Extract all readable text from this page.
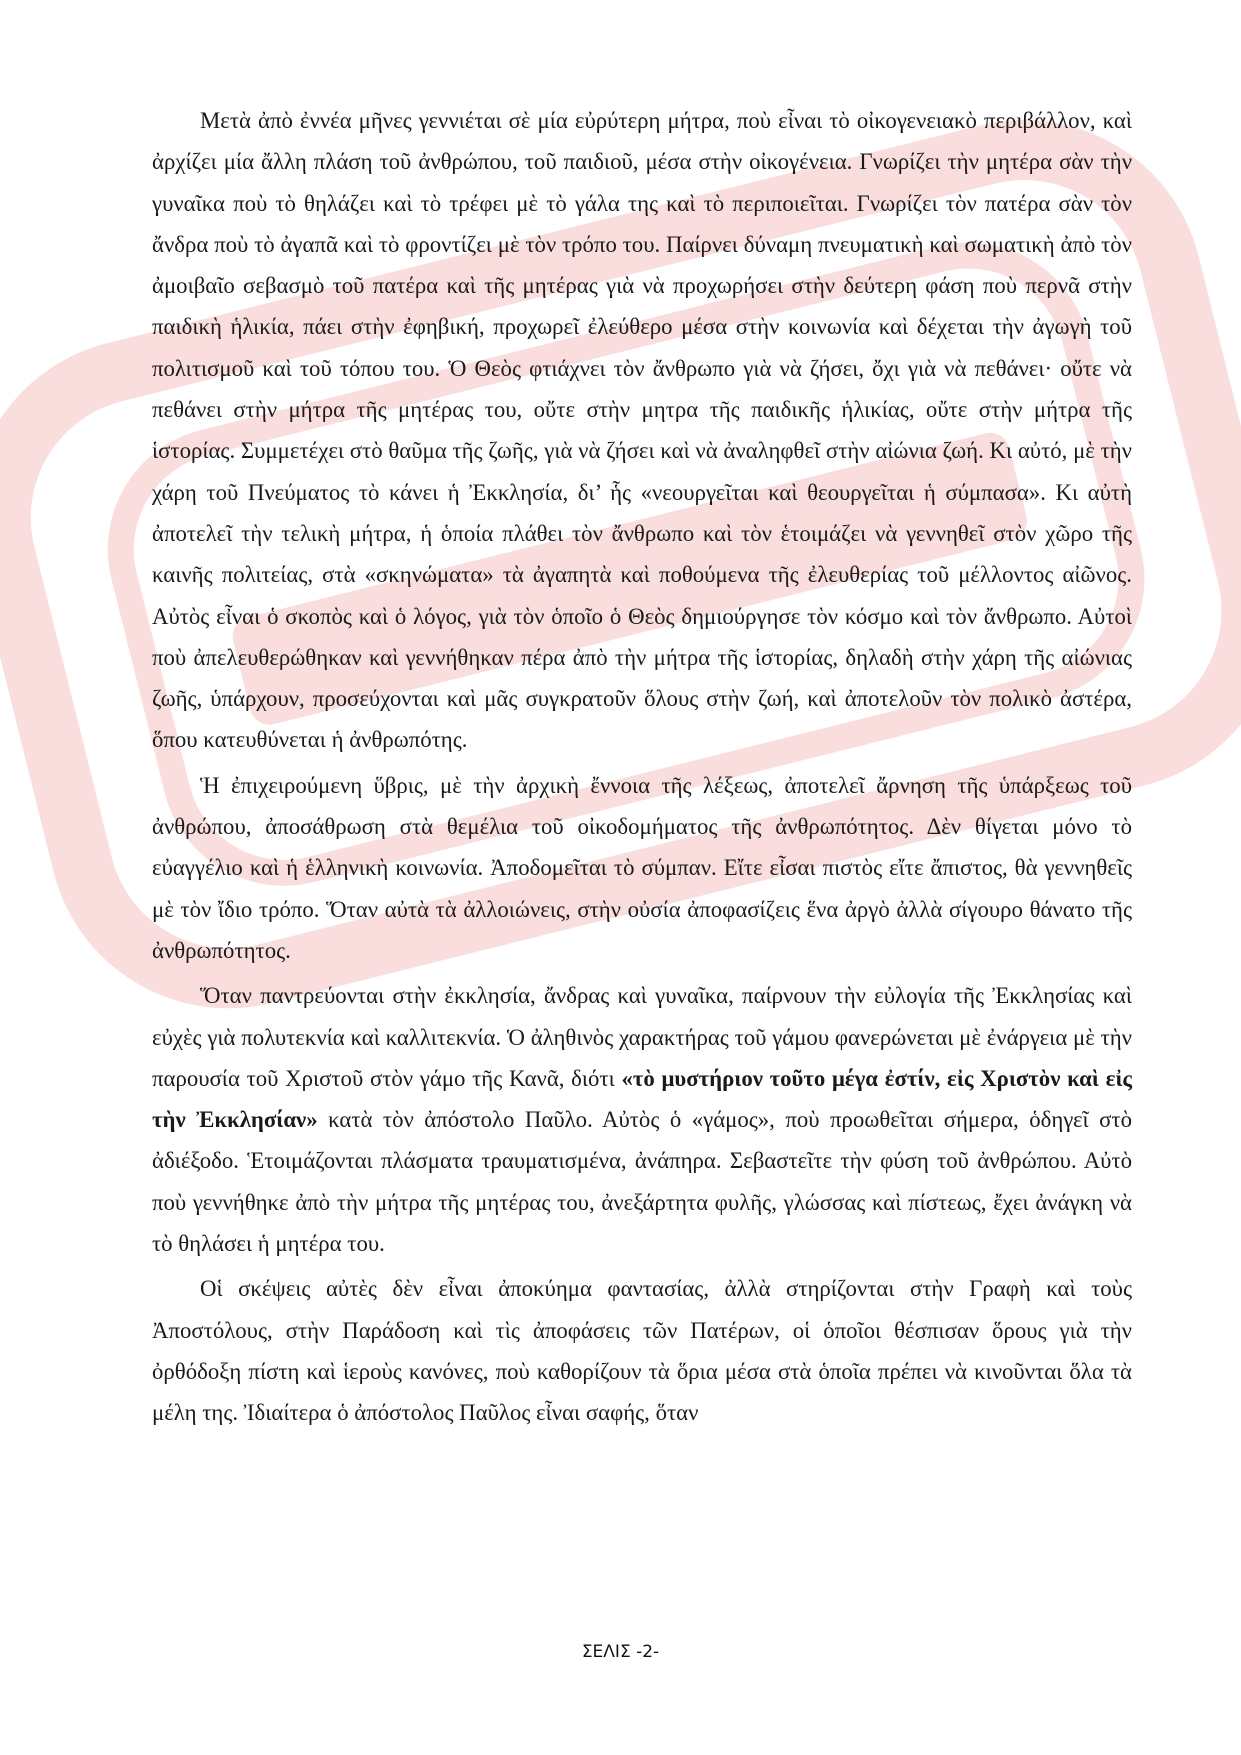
Μετὰ ἀπὸ ἐννέα μῆνες γεννιέται σὲ μία εὐρύτερη μήτρα, ποὺ εἶναι τὸ οἰκογενειακὸ περιβάλλον, καὶ ἀρχίζει μία ἄλλη πλάση τοῦ ἀνθρώπου, τοῦ παιδιοῦ, μέσα στὴν οἰκογένεια. Γνωρίζει τὴν μητέρα σὰν τὴν γυναῖκα ποὺ τὸ θηλάζει καὶ τὸ τρέφει μὲ τὸ γάλα της καὶ τὸ περιποιεῖται. Γνωρίζει τὸν πατέρα σὰν τὸν ἄνδρα ποὺ τὸ ἀγαπᾶ καὶ τὸ φροντίζει μὲ τὸν τρόπο του. Παίρνει δύναμη πνευματικὴ καὶ σωματικὴ ἀπὸ τὸν ἀμοιβαῖο σεβασμὸ τοῦ πατέρα καὶ τῆς μητέρας γιὰ νὰ προχωρήσει στὴν δεύτερη φάση ποὺ περνᾶ στὴν παιδικὴ ἡλικία, πάει στὴν ἐφηβική, προχωρεῖ ἐλεύθερο μέσα στὴν κοινωνία καὶ δέχεται τὴν ἀγωγὴ τοῦ πολιτισμοῦ καὶ τοῦ τόπου του. Ὁ Θεὸς φτιάχνει τὸν ἄνθρωπο γιὰ νὰ ζήσει, ὄχι γιὰ νὰ πεθάνει· οὔτε νὰ πεθάνει στὴν μήτρα τῆς μητέρας του, οὔτε στὴν μητρα τῆς παιδικῆς ἡλικίας, οὔτε στὴν μήτρα τῆς ἱστορίας. Συμμετέχει στὸ θαῦμα τῆς ζωῆς, γιὰ νὰ ζήσει καὶ νὰ ἀναληφθεῖ στὴν αἰώνια ζωή. Κι αὐτό, μὲ τὴν χάρη τοῦ Πνεύματος τὸ κάνει ἡ Ἐκκλησία, δι’ ἧς «νεουργεῖται καὶ θεουργεῖται ἡ σύμπασα». Κι αὐτὴ ἀποτελεῖ τὴν τελικὴ μήτρα, ἡ ὁποία πλάθει τὸν ἄνθρωπο καὶ τὸν ἑτοιμάζει νὰ γεννηθεῖ στὸν χῶρο τῆς καινῆς πολιτείας, στὰ «σκηνώματα» τὰ ἀγαπητὰ καὶ ποθούμενα τῆς ἐλευθερίας τοῦ μέλλοντος αἰῶνος. Αὐτὸς εἶναι ὁ σκοπὸς καὶ ὁ λόγος, γιὰ τὸν ὁποῖο ὁ Θεὸς δημιούργησε τὸν κόσμο καὶ τὸν ἄνθρωπο. Αὐτοὶ ποὺ ἀπελευθερώθηκαν καὶ γεννήθηκαν πέρα ἀπὸ τὴν μήτρα τῆς ἱστορίας, δηλαδὴ στὴν χάρη τῆς αἰώνιας ζωῆς, ὑπάρχουν, προσεύχονται καὶ μᾶς συγκρατοῦν ὅλους στὴν ζωή, καὶ ἀποτελοῦν τὸν πολικὸ ἀστέρα, ὅπου κατευθύνεται ἡ ἀνθρωπότης.

Ἡ ἐπιχειρούμενη ὕβρις, μὲ τὴν ἀρχικὴ ἔννοια τῆς λέξεως, ἀποτελεῖ ἄρνηση τῆς ὑπάρξεως τοῦ ἀνθρώπου, ἀποσάθρωση στὰ θεμέλια τοῦ οἰκοδομήματος τῆς ἀνθρωπότητος. Δὲν θίγεται μόνο τὸ εὐαγγέλιο καὶ ἡ ἑλληνικὴ κοινωνία. Ἀποδομεῖται τὸ σύμπαν. Εἴτε εἶσαι πιστὸς εἴτε ἄπιστος, θὰ γεννηθεῖς μὲ τὸν ἴδιο τρόπο. Ὅταν αὐτὰ τὰ ἀλλοιώνεις, στὴν οὐσία ἀποφασίζεις ἕνα ἀργὸ ἀλλὰ σίγουρο θάνατο τῆς ἀνθρωπότητος.

Ὅταν παντρεύονται στὴν ἐκκλησία, ἄνδρας καὶ γυναῖκα, παίρνουν τὴν εὐλογία τῆς Ἐκκλησίας καὶ εὐχὲς γιὰ πολυτεκνία καὶ καλλιτεκνία. Ὁ ἀληθινὸς χαρακτήρας τοῦ γάμου φανερώνεται μὲ ἐνάργεια μὲ τὴν παρουσία τοῦ Χριστοῦ στὸν γάμο τῆς Κανᾶ, διότι «τὸ μυστήριον τοῦτο μέγα ἐστίν, εἰς Χριστὸν καὶ εἰς τὴν Ἐκκλησίαν» κατὰ τὸν ἀπόστολο Παῦλο. Αὐτὸς ὁ «γάμος», ποὺ προωθεῖται σήμερα, ὁδηγεῖ στὸ ἀδιέξοδο. Ἑτοιμάζονται πλάσματα τραυματισμένα, ἀνάπηρα. Σεβαστεῖτε τὴν φύση τοῦ ἀνθρώπου. Αὐτὸ ποὺ γεννήθηκε ἀπὸ τὴν μήτρα τῆς μητέρας του, ἀνεξάρτητα φυλῆς, γλώσσας καὶ πίστεως, ἔχει ἀνάγκη νὰ τὸ θηλάσει ἡ μητέρα του.

Οἱ σκέψεις αὐτὲς δὲν εἶναι ἀποκύημα φαντασίας, ἀλλὰ στηρίζονται στὴν Γραφὴ καὶ τοὺς Ἀποστόλους, στὴν Παράδοση καὶ τὶς ἀποφάσεις τῶν Πατέρων, οἱ ὁποῖοι θέσπισαν ὅρους γιὰ τὴν ὀρθόδοξη πίστη καὶ ἱεροὺς κανόνες, ποὺ καθορίζουν τὰ ὅρια μέσα στὰ ὁποῖα πρέπει νὰ κινοῦνται ὅλα τὰ μέλη της. Ἰδιαίτερα ὁ ἀπόστολος Παῦλος εἶναι σαφής, ὅταν

ΣΕΛΙΣ -2-
